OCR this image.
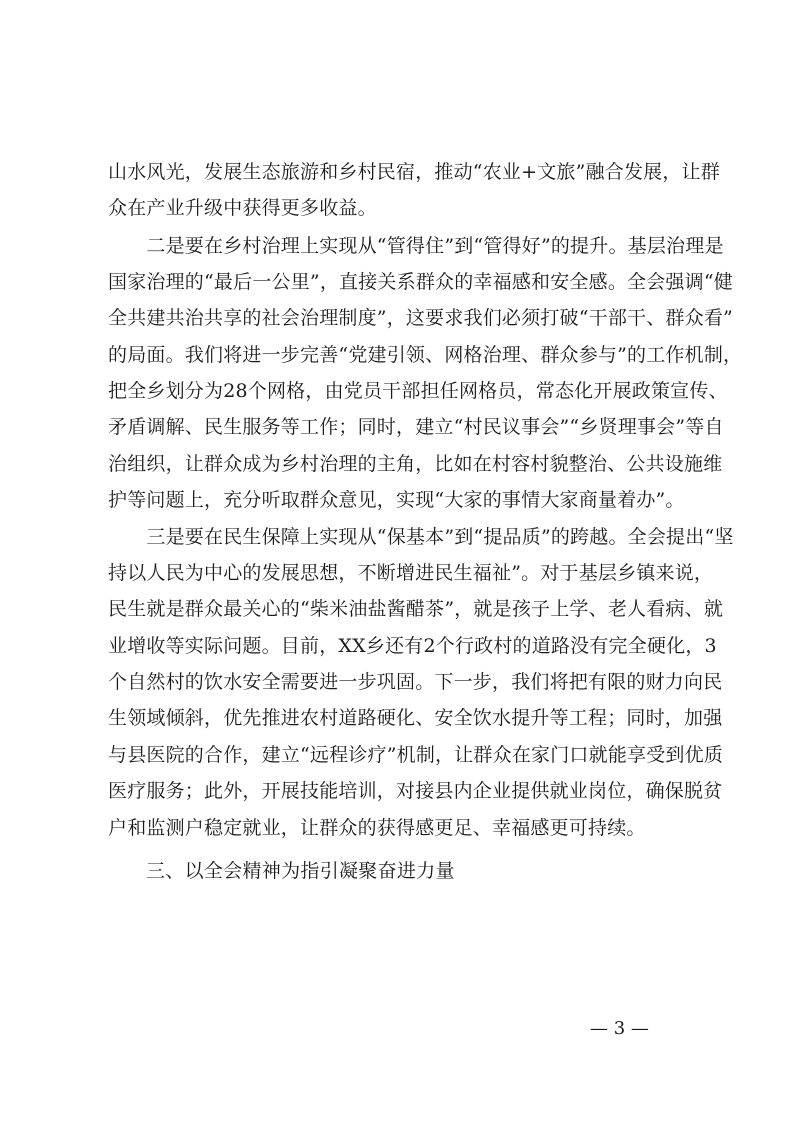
山水风光，发展生态旅游和乡村民宿，推动“农业+文旅”融合发展，让群
众在产业升级中获得更多收益。
　　二是要在乡村治理上实现从“管得住”到“管得好”的提升。基层治理是
国家治理的“最后一公里”，直接关系群众的幸福感和安全感。全会强调“健
全共建共治共享的社会治理制度”，这要求我们必须打破“干部干、群众看”
的局面。我们将进一步完善“党建引领、网格治理、群众参与”的工作机制，
把全乡划分为28个网格，由党员干部担任网格员，常态化开展政策宣传、
矛盾调解、民生服务等工作；同时，建立“村民议事会”“乡贤理事会”等自
治组织，让群众成为乡村治理的主角，比如在村容村貌整治、公共设施维
护等问题上，充分听取群众意见，实现“大家的事情大家商量着办”。
　　三是要在民生保障上实现从“保基本”到“提品质”的跨越。全会提出“坚
持以人民为中心的发展思想，不断增进民生福祉”。对于基层乡镇来说，
民生就是群众最关心的“柴米油盐酱醋茶”，就是孩子上学、老人看病、就
业增收等实际问题。目前，XX乡还有2个行政村的道路没有完全硬化，3
个自然村的饮水安全需要进一步巩固。下一步，我们将把有限的财力向民
生领域倾斜，优先推进农村道路硬化、安全饮水提升等工程；同时，加强
与县医院的合作，建立“远程诊疗”机制，让群众在家门口就能享受到优质
医疗服务；此外，开展技能培训，对接县内企业提供就业岗位，确保脱贫
户和监测户稳定就业，让群众的获得感更足、幸福感更可持续。
三、以全会精神为指引凝聚奋进力量
— 3 —
